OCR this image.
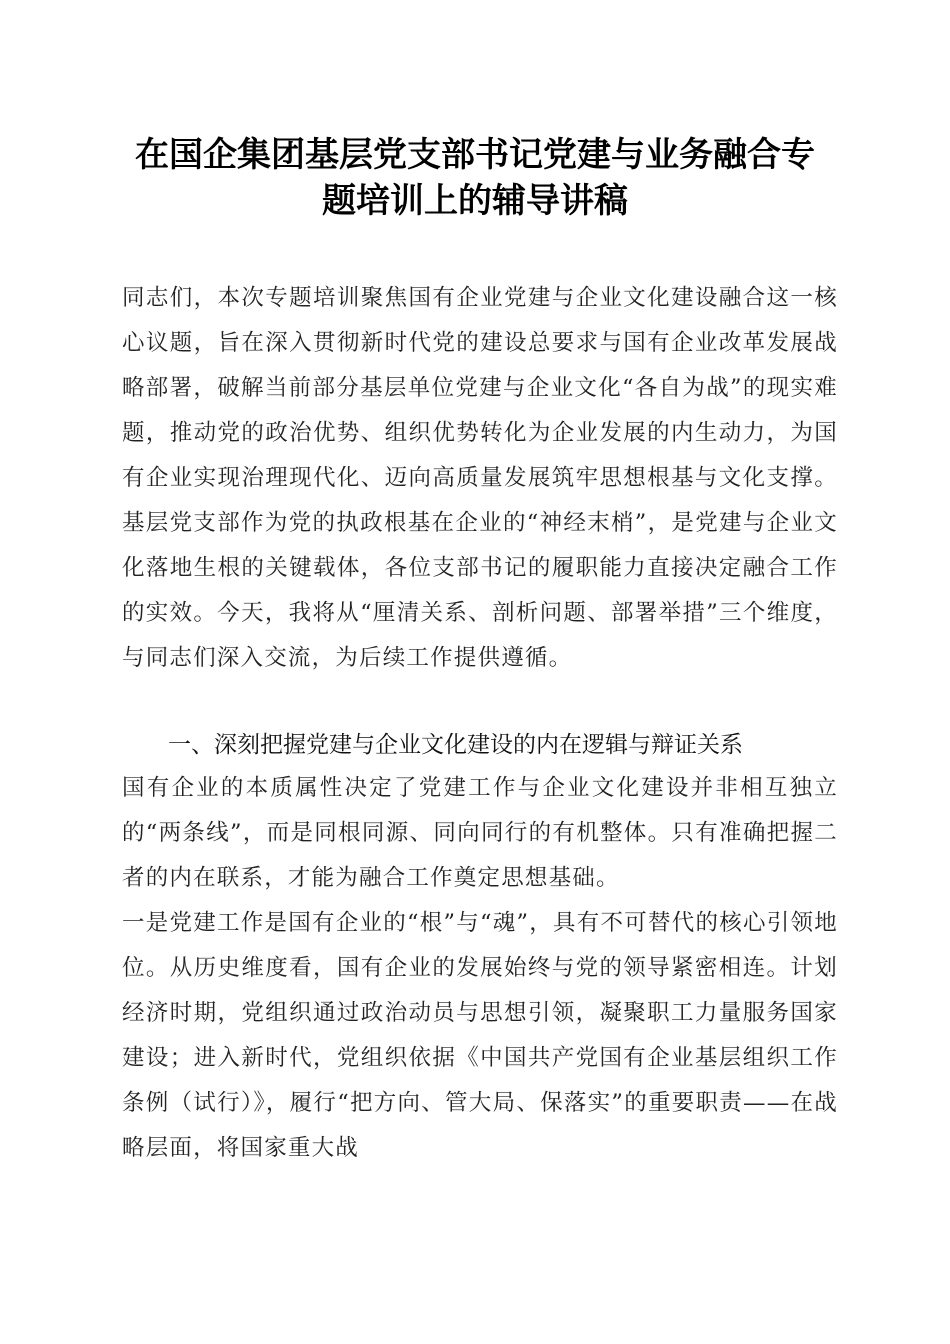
在国企集团基层党支部书记党建与业务融合专
题培训上的辅导讲稿

同志们，本次专题培训聚焦国有企业党建与企业文化建设融合这一核心议题，旨在深入贯彻新时代党的建设总要求与国有企业改革发展战略部署，破解当前部分基层单位党建与企业文化“各自为战”的现实难题，推动党的政治优势、组织优势转化为企业发展的内生动力，为国有企业实现治理现代化、迈向高质量发展筑牢思想根基与文化支撑。基层党支部作为党的执政根基在企业的“神经末梢”，是党建与企业文化落地生根的关键载体，各位支部书记的履职能力直接决定融合工作的实效。今天，我将从“厘清关系、剖析问题、部署举措”三个维度，与同志们深入交流，为后续工作提供遵循。

一、深刻把握党建与企业文化建设的内在逻辑与辩证关系

国有企业的本质属性决定了党建工作与企业文化建设并非相互独立的“两条线”，而是同根同源、同向同行的有机整体。只有准确把握二者的内在联系，才能为融合工作奠定思想基础。

一是党建工作是国有企业的“根”与“魂”，具有不可替代的核心引领地位。从历史维度看，国有企业的发展始终与党的领导紧密相连。计划经济时期，党组织通过政治动员与思想引领，凝聚职工力量服务国家建设；进入新时代，党组织依据《中国共产党国有企业基层组织工作条例（试行）》，履行“把方向、管大局、保落实”的重要职责——在战略层面，将国家重大战
